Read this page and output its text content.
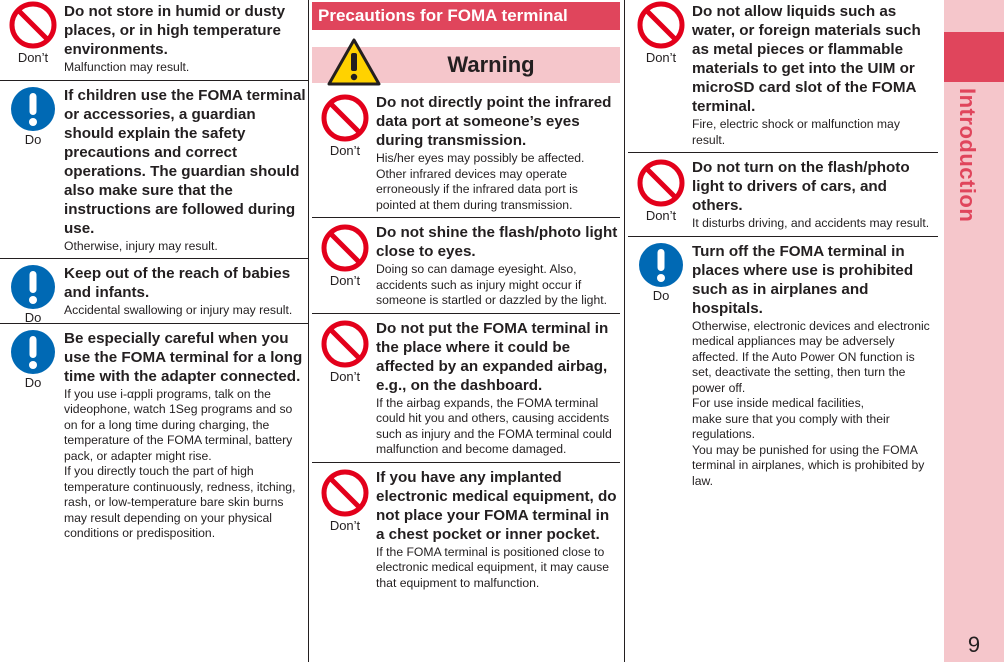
Don’t
Do not store in humid or dusty places, or in high temperature environments.
Malfunction may result.
Do
If children use the FOMA terminal or accessories, a guardian should explain the safety precautions and correct operations. The guardian should also make sure that the instructions are followed during use.
Otherwise, injury may result.
Do
Keep out of the reach of babies and infants.
Accidental swallowing or injury may result.
Do
Be especially careful when you use the FOMA terminal for a long time with the adapter connected.
If you use i-αppli programs, talk on the videophone, watch 1Seg programs and so on for a long time during charging, the temperature of the FOMA terminal, battery pack, or adapter might rise.
If you directly touch the part of high temperature continuously, redness, itching, rash, or low-temperature bare skin burns may result depending on your physical conditions or predisposition.
Precautions for FOMA terminal
Warning
Don’t
Do not directly point the infrared data port at someone’s eyes during transmission.
His/her eyes may possibly be affected. Other infrared devices may operate erroneously if the infrared data port is pointed at them during transmission.
Don’t
Do not shine the flash/photo light close to eyes.
Doing so can damage eyesight. Also, accidents such as injury might occur if someone is startled or dazzled by the light.
Don’t
Do not put the FOMA terminal in the place where it could be affected by an expanded airbag, e.g., on the dashboard.
If the airbag expands, the FOMA terminal could hit you and others, causing accidents such as injury and the FOMA terminal could malfunction and become damaged.
Don’t
If you have any implanted electronic medical equipment, do not place your FOMA terminal in a chest pocket or inner pocket.
If the FOMA terminal is positioned close to electronic medical equipment, it may cause that equipment to malfunction.
Don’t
Do not allow liquids such as water, or foreign materials such as metal pieces or flammable materials to get into the UIM or microSD card slot of the FOMA terminal.
Fire, electric shock or malfunction may result.
Don’t
Do not turn on the flash/photo light to drivers of cars, and others.
It disturbs driving, and accidents may result.
Do
Turn off the FOMA terminal in places where use is prohibited such as in airplanes and hospitals.
Otherwise, electronic devices and electronic medical appliances may be adversely affected. If the Auto Power ON function is set, deactivate the setting, then turn the power off.
For use inside medical facilities,
make sure that you comply with their regulations.
You may be punished for using the FOMA terminal in airplanes, which is prohibited by law.
Introduction
9
